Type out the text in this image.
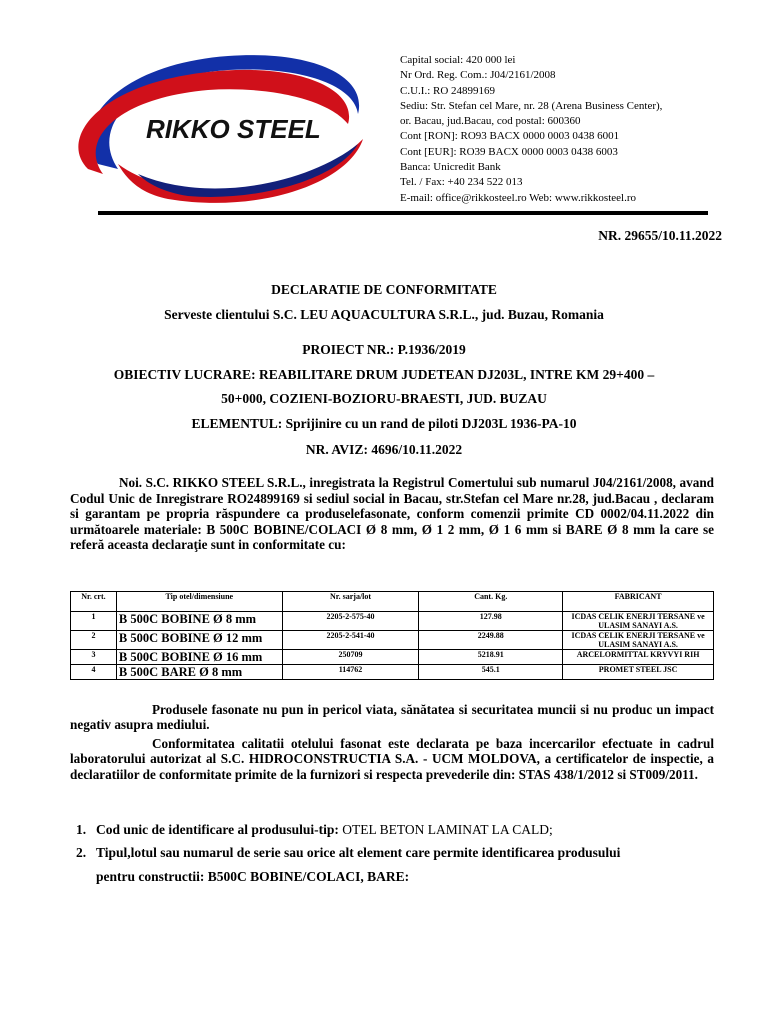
RIKKO STEEL
Capital social: 420 000 lei
Nr Ord. Reg. Com.: J04/2161/2008
C.U.I.: RO 24899169
Sediu: Str. Stefan cel Mare, nr. 28 (Arena Business Center),
or. Bacau, jud.Bacau, cod postal: 600360
Cont [RON]: RO93 BACX 0000 0003 0438 6001
Cont [EUR]: RO39 BACX 0000 0003 0438 6003
Banca: Unicredit Bank
Tel. / Fax: +40 234 522 013
E-mail: office@rikkosteel.ro Web: www.rikkosteel.ro
NR. 29655/10.11.2022
DECLARATIE DE CONFORMITATE
Serveste clientului S.C. LEU AQUACULTURA S.R.L., jud. Buzau, Romania
PROIECT NR.: P.1936/2019
OBIECTIV LUCRARE: REABILITARE DRUM JUDETEAN DJ203L, INTRE KM 29+400 –
50+000, COZIENI-BOZIORU-BRAESTI, JUD. BUZAU
ELEMENTUL: Sprijinire cu un rand de piloti DJ203L 1936-PA-10
NR. AVIZ: 4696/10.11.2022

Noi. S.C. RIKKO STEEL S.R.L., inregistrata la Registrul Comertului sub numarul J04/2161/2008, avand Codul Unic de Inregistrare RO24899169 si sediul social in Bacau, str.Stefan cel Mare nr.28, jud.Bacau , declaram si garantam pe propria răspundere ca produselefasonate, conform comenzii primite CD 0002/04.11.2022 din următoarele materiale: B 500C BOBINE/COLACI Ø 8 mm, Ø 1 2 mm, Ø 1 6 mm si BARE Ø 8 mm la care se referă aceasta declaraţie sunt in conformitate cu:

Nr. crt.	Tip otel/dimensiune	Nr. sarja/lot	Cant. Kg.	FABRICANT
1	B 500C BOBINE Ø 8 mm	2205-2-575-40	127.98	ICDAS CELIK ENERJI TERSANE ve ULASIM SANAYI A.S.
2	B 500C BOBINE Ø 12 mm	2205-2-541-40	2249.88	ICDAS CELIK ENERJI TERSANE ve ULASIM SANAYI A.S.
3	B 500C BOBINE Ø 16 mm	250709	5218.91	ARCELORMITTAL KRYVYI RIH
4	B 500C BARE Ø 8 mm	114762	545.1	PROMET STEEL JSC

Produsele fasonate nu pun in pericol viata, sănătatea si securitatea muncii si nu produc un impact negativ asupra mediului.

Conformitatea calitatii otelului fasonat este declarata pe baza incercarilor efectuate in cadrul laboratorului autorizat al S.C. HIDROCONSTRUCTIA S.A. - UCM MOLDOVA, a certificatelor de inspectie, a declaratiilor de conformitate primite de la furnizori si respecta prevederile din: STAS 438/1/2012 si ST009/2011.

1. Cod unic de identificare al produsului-tip: OTEL BETON LAMINAT LA CALD;
2. Tipul,lotul sau numarul de serie sau orice alt element care permite identificarea produsului
pentru constructii: B500C BOBINE/COLACI, BARE:
